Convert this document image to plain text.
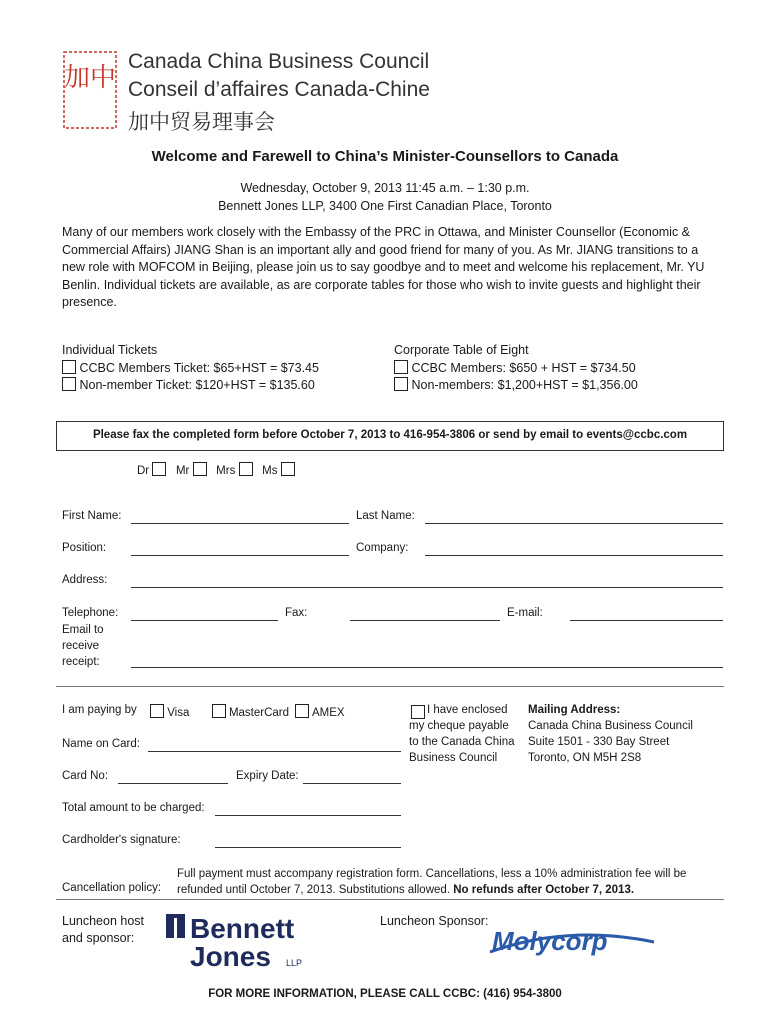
加中
Canada China Business Council
Conseil d’affaires Canada-Chine
加中贸易理事会
Welcome and Farewell to China’s Minister-Counsellors to Canada
Wednesday, October 9, 2013 11:45 a.m. – 1:30 p.m.
Bennett Jones LLP, 3400 One First Canadian Place, Toronto
Many of our members work closely with the Embassy of the PRC in Ottawa, and Minister Counsellor (Economic & Commercial Affairs) JIANG Shan is an important ally and good friend for many of you. As Mr. JIANG transitions to a new role with MOFCOM in Beijing, please join us to say goodbye and to meet and welcome his replacement, Mr. YU Benlin. Individual tickets are available, as are corporate tables for those who wish to invite guests and highlight their presence.
Individual Tickets
CCBC Members Ticket: $65+HST = $73.45
Non-member Ticket: $120+HST = $135.60
Corporate Table of Eight
CCBC Members: $650 + HST = $734.50
Non-members: $1,200+HST = $1,356.00
Please fax the completed form before October 7, 2013 to 416-954-3806 or send by email to events@ccbc.com
Dr Mr Mrs Ms
First Name:	Last Name:
Position:	Company:
Address:
Telephone:	Fax:	E-mail:
Email to receive receipt:
I am paying by	Visa	MasterCard AMEX	I have enclosed my cheque payable to the Canada China Business Council
Mailing Address:
Canada China Business Council
Suite 1501 - 330 Bay Street
Toronto, ON M5H 2S8
Name on Card:
Card No:	Expiry Date:
Total amount to be charged:
Cardholder's signature:
Cancellation policy:
Full payment must accompany registration form. Cancellations, less a 10% administration fee will be refunded until October 7, 2013. Substitutions allowed. No refunds after October 7, 2013.
Luncheon host and sponsor:	Bennett
Jones LLP
Luncheon Sponsor:
Molycorp
FOR MORE INFORMATION, PLEASE CALL CCBC: (416) 954-3800
